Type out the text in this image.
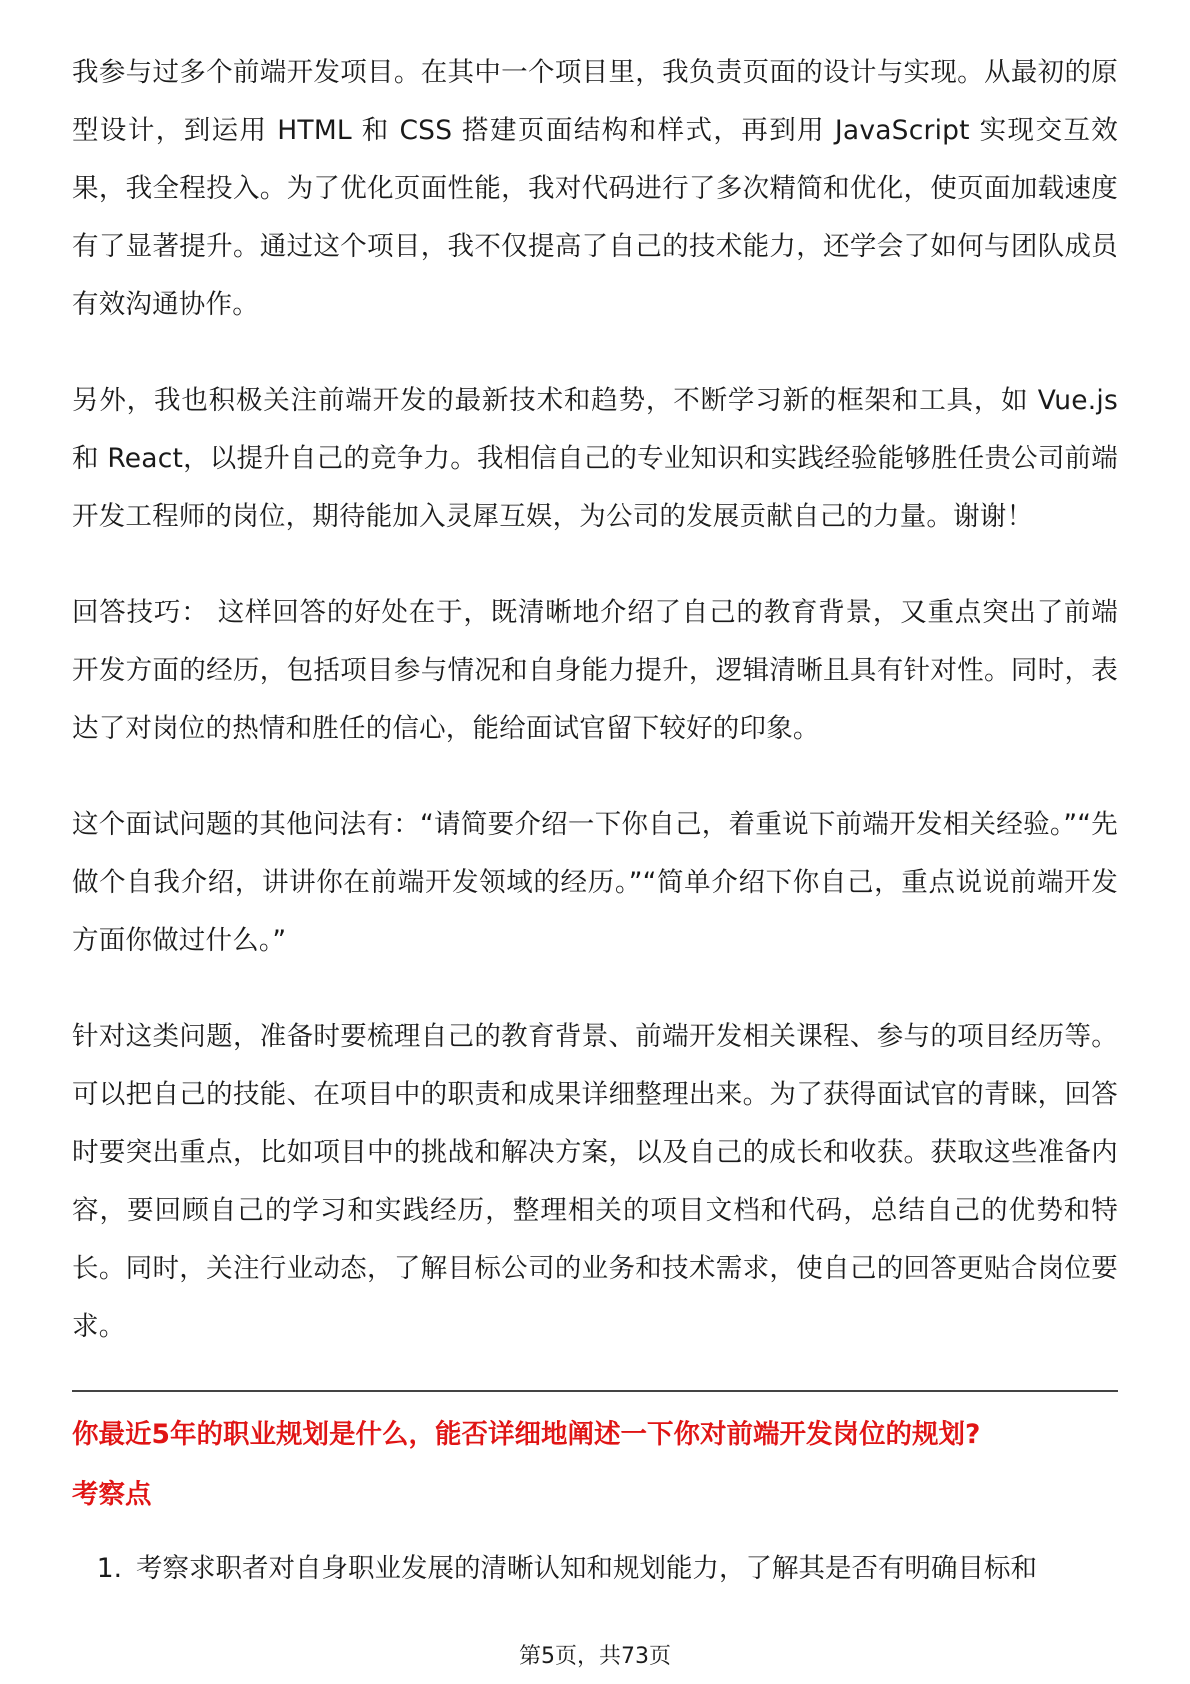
我参与过多个前端开发项目。在其中一个项目里，我负责页面的设计与实现。从最初的原型设计，到运用 HTML 和 CSS 搭建页面结构和样式，再到用 JavaScript 实现交互效果，我全程投入。为了优化页面性能，我对代码进行了多次精简和优化，使页面加载速度有了显著提升。通过这个项目，我不仅提高了自己的技术能力，还学会了如何与团队成员有效沟通协作。

另外，我也积极关注前端开发的最新技术和趋势，不断学习新的框架和工具，如 Vue.js 和 React，以提升自己的竞争力。我相信自己的专业知识和实践经验能够胜任贵公司前端开发工程师的岗位，期待能加入灵犀互娱，为公司的发展贡献自己的力量。谢谢！

回答技巧： 这样回答的好处在于，既清晰地介绍了自己的教育背景，又重点突出了前端开发方面的经历，包括项目参与情况和自身能力提升，逻辑清晰且具有针对性。同时，表达了对岗位的热情和胜任的信心，能给面试官留下较好的印象。

这个面试问题的其他问法有：“请简要介绍一下你自己，着重说下前端开发相关经验。”“先做个自我介绍，讲讲你在前端开发领域的经历。”“简单介绍下你自己，重点说说前端开发方面你做过什么。”

针对这类问题，准备时要梳理自己的教育背景、前端开发相关课程、参与的项目经历等。可以把自己的技能、在项目中的职责和成果详细整理出来。为了获得面试官的青睐，回答时要突出重点，比如项目中的挑战和解决方案，以及自己的成长和收获。获取这些准备内容，要回顾自己的学习和实践经历，整理相关的项目文档和代码，总结自己的优势和特长。同时，关注行业动态，了解目标公司的业务和技术需求，使自己的回答更贴合岗位要求。

你最近5年的职业规划是什么，能否详细地阐述一下你对前端开发岗位的规划?
考察点
1. 考察求职者对自身职业发展的清晰认知和规划能力，了解其是否有明确目标和
第5页，共73页
